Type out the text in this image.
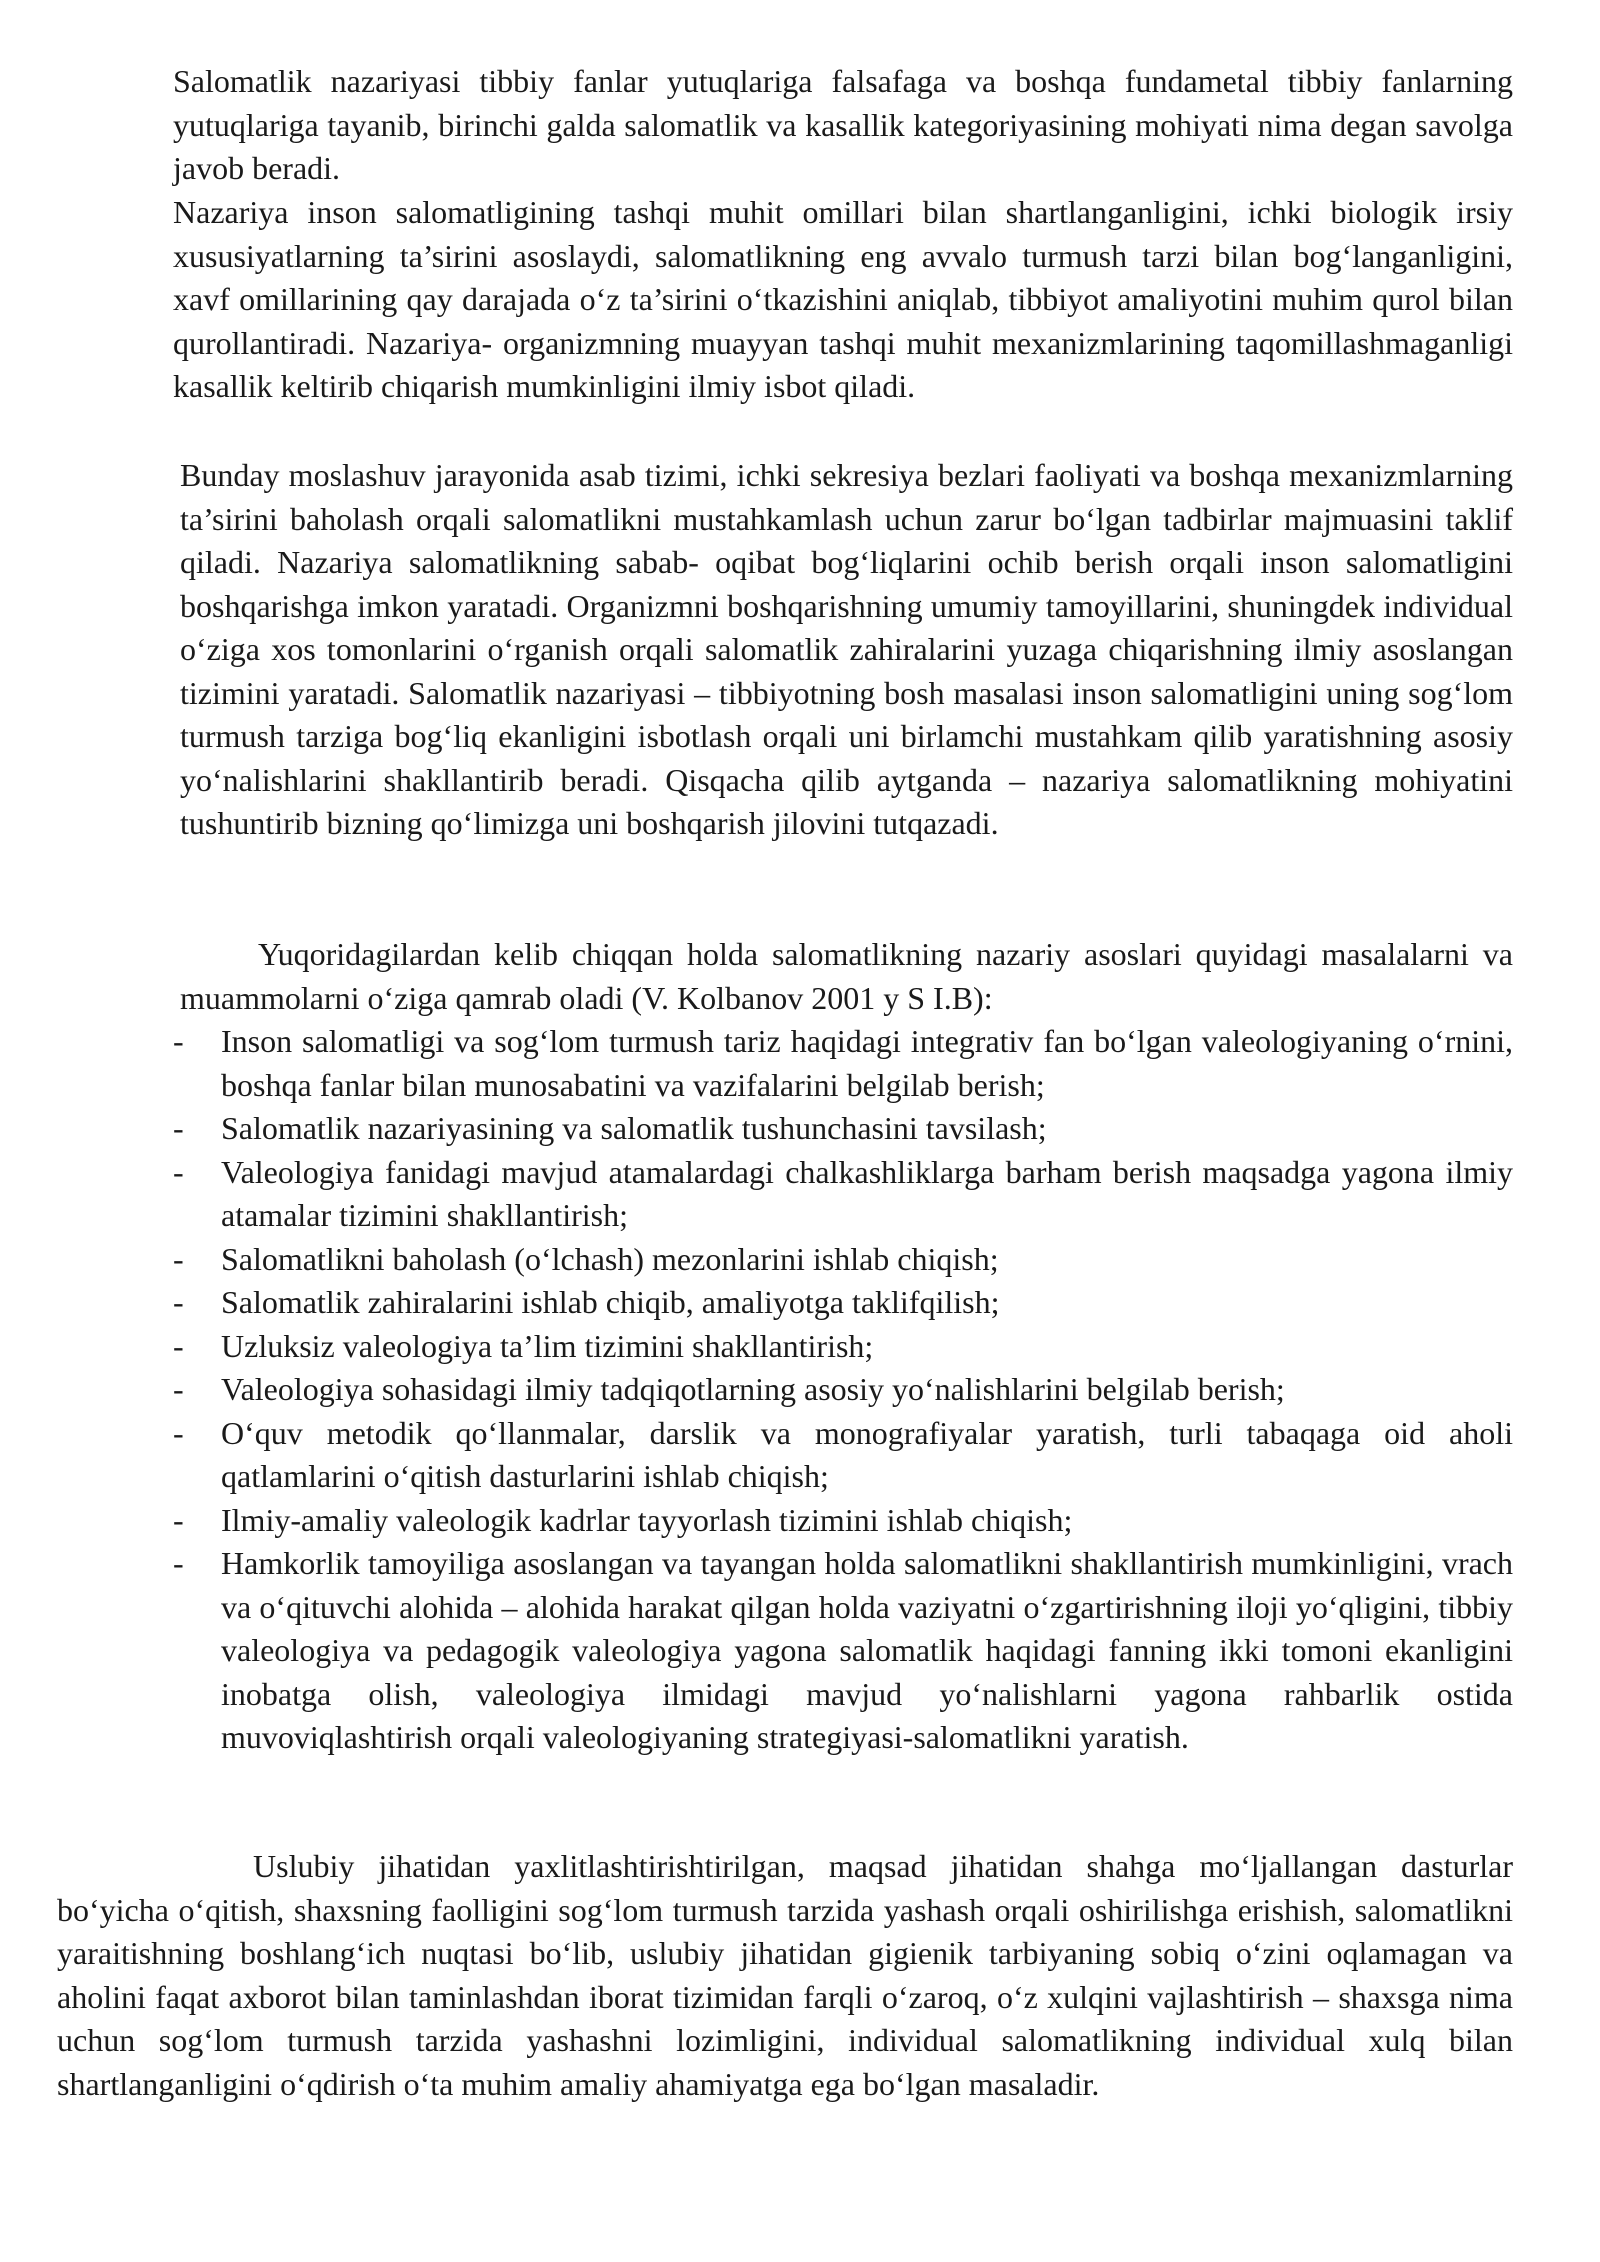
Salomatlik nazariyasi tibbiy fanlar yutuqlariga falsafaga va boshqa fundametal tibbiy fanlarning yutuqlariga tayanib, birinchi galda salomatlik va kasallik kategoriyasining mohiyati nima degan savolga javob beradi.

Nazariya inson salomatligining tashqi muhit omillari bilan shartlanganligini, ichki biologik irsiy xususiyatlarning ta’sirini asoslaydi, salomatlikning eng avvalo turmush tarzi bilan bog‘langanligini, xavf omillarining qay darajada o‘z ta’sirini o‘tkazishini aniqlab, tibbiyot amaliyotini muhim qurol bilan qurollantiradi. Nazariya- organizmning muayyan tashqi muhit mexanizmlarining taqomillashmaganligi kasallik keltirib chiqarish mumkinligini ilmiy isbot qiladi.

Bunday moslashuv jarayonida asab tizimi, ichki sekresiya bezlari faoliyati va boshqa mexanizmlarning ta’sirini baholash orqali salomatlikni mustahkamlash uchun zarur bo‘lgan tadbirlar majmuasini taklif qiladi. Nazariya salomatlikning sabab- oqibat bog‘liqlarini ochib berish orqali inson salomatligini boshqarishga imkon yaratadi. Organizmni boshqarishning umumiy tamoyillarini, shuningdek individual o‘ziga xos tomonlarini o‘rganish orqali salomatlik zahiralarini yuzaga chiqarishning ilmiy asoslangan tizimini yaratadi. Salomatlik nazariyasi – tibbiyotning bosh masalasi inson salomatligini uning sog‘lom turmush tarziga bog‘liq ekanligini isbotlash orqali uni birlamchi mustahkam qilib yaratishning asosiy yo‘nalishlarini shakllantirib beradi. Qisqacha qilib aytganda – nazariya salomatlikning mohiyatini tushuntirib bizning qo‘limizga uni boshqarish jilovini tutqazadi.

Yuqoridagilardan kelib chiqqan holda salomatlikning nazariy asoslari quyidagi masalalarni va muammolarni o‘ziga qamrab oladi (V. Kolbanov 2001 y S I.B):

- Inson salomatligi va sog‘lom turmush tariz haqidagi integrativ fan bo‘lgan valeologiyaning o‘rnini, boshqa fanlar bilan munosabatini va vazifalarini belgilab berish;
- Salomatlik nazariyasining va salomatlik tushunchasini tavsilash;
- Valeologiya fanidagi mavjud atamalardagi chalkashliklarga barham berish maqsadga yagona ilmiy atamalar tizimini shakllantirish;
- Salomatlikni baholash (o‘lchash) mezonlarini ishlab chiqish;
- Salomatlik zahiralarini ishlab chiqib, amaliyotga taklifqilish;
- Uzluksiz valeologiya ta’lim tizimini shakllantirish;
- Valeologiya sohasidagi ilmiy tadqiqotlarning asosiy yo‘nalishlarini belgilab berish;
- O‘quv metodik qo‘llanmalar, darslik va monografiyalar yaratish, turli tabaqaga oid aholi qatlamlarini o‘qitish dasturlarini ishlab chiqish;
- Ilmiy-amaliy valeologik kadrlar tayyorlash tizimini ishlab chiqish;
- Hamkorlik tamoyiliga asoslangan va tayangan holda salomatlikni shakllantirish mumkinligini, vrach va o‘qituvchi alohida – alohida harakat qilgan holda vaziyatni o‘zgartirishning iloji yo‘qligini, tibbiy valeologiya va pedagogik valeologiya yagona salomatlik haqidagi fanning ikki tomoni ekanligini inobatga olish, valeologiya ilmidagi mavjud yo‘nalishlarni yagona rahbarlik ostida muvoviqlashtirish orqali valeologiyaning strategiyasi-salomatlikni yaratish.

Uslubiy jihatidan yaxlitlashtirishtirilgan, maqsad jihatidan shahga mo‘ljallangan dasturlar bo‘yicha o‘qitish, shaxsning faolligini sog‘lom turmush tarzida yashash orqali oshirilishga erishish, salomatlikni yaraitishning boshlang‘ich nuqtasi bo‘lib, uslubiy jihatidan gigienik tarbiyaning sobiq o‘zini oqlamagan va aholini faqat axborot bilan taminlashdan iborat tizimidan farqli o‘zaroq, o‘z xulqini vajlashtirish – shaxsga nima uchun sog‘lom turmush tarzida yashashni lozimligini, individual salomatlikning individual xulq bilan shartlanganligini o‘qdirish o‘ta muhim amaliy ahamiyatga ega bo‘lgan masaladir.
